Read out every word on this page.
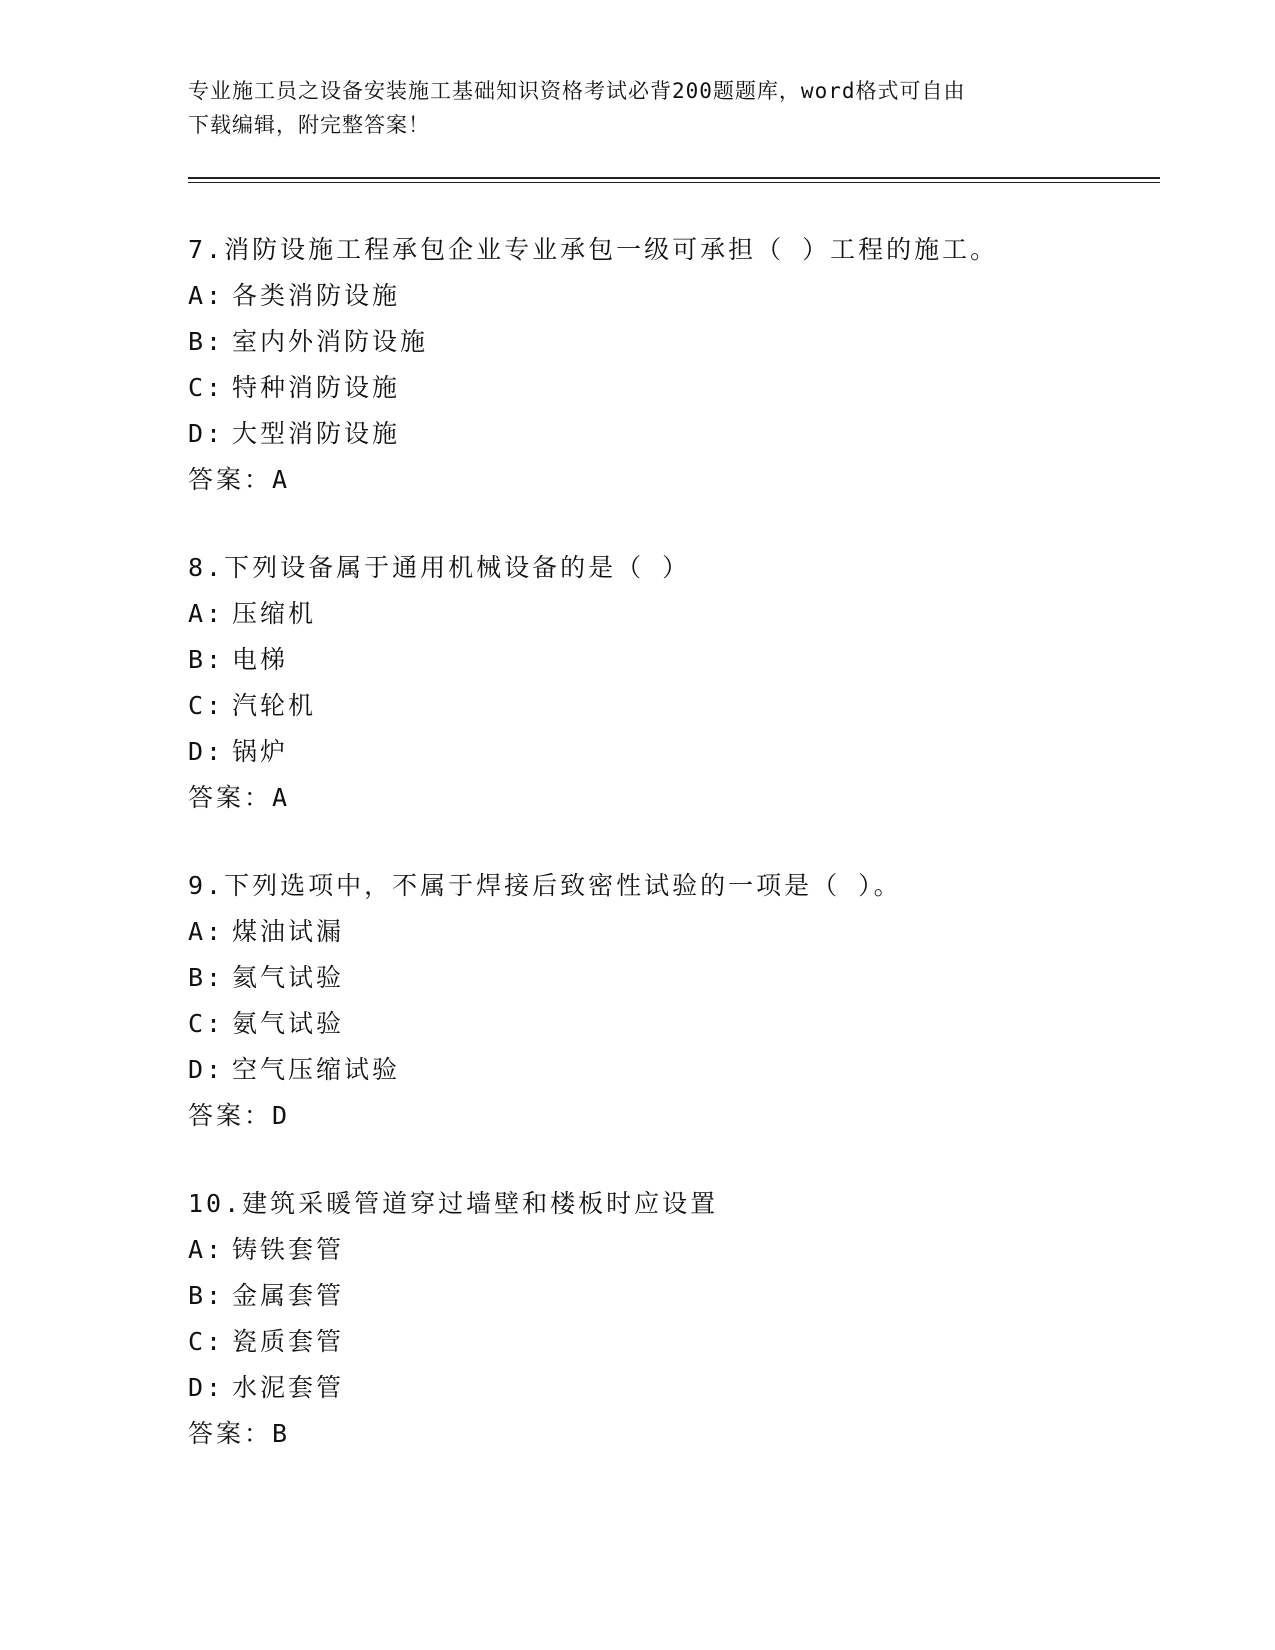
专业施工员之设备安装施工基础知识资格考试必背200题题库，word格式可自由
下载编辑，附完整答案！
7.消防设施工程承包企业专业承包一级可承担（ ）工程的施工。
A: 各类消防设施
B: 室内外消防设施
C: 特种消防设施
D: 大型消防设施
答案：A
8.下列设备属于通用机械设备的是（ ）
A: 压缩机
B: 电梯
C: 汽轮机
D: 锅炉
答案：A
9.下列选项中，不属于焊接后致密性试验的一项是（ ）。
A: 煤油试漏
B: 氦气试验
C: 氨气试验
D: 空气压缩试验
答案：D
10.建筑采暖管道穿过墙壁和楼板时应设置
A: 铸铁套管
B: 金属套管
C: 瓷质套管
D: 水泥套管
答案：B
